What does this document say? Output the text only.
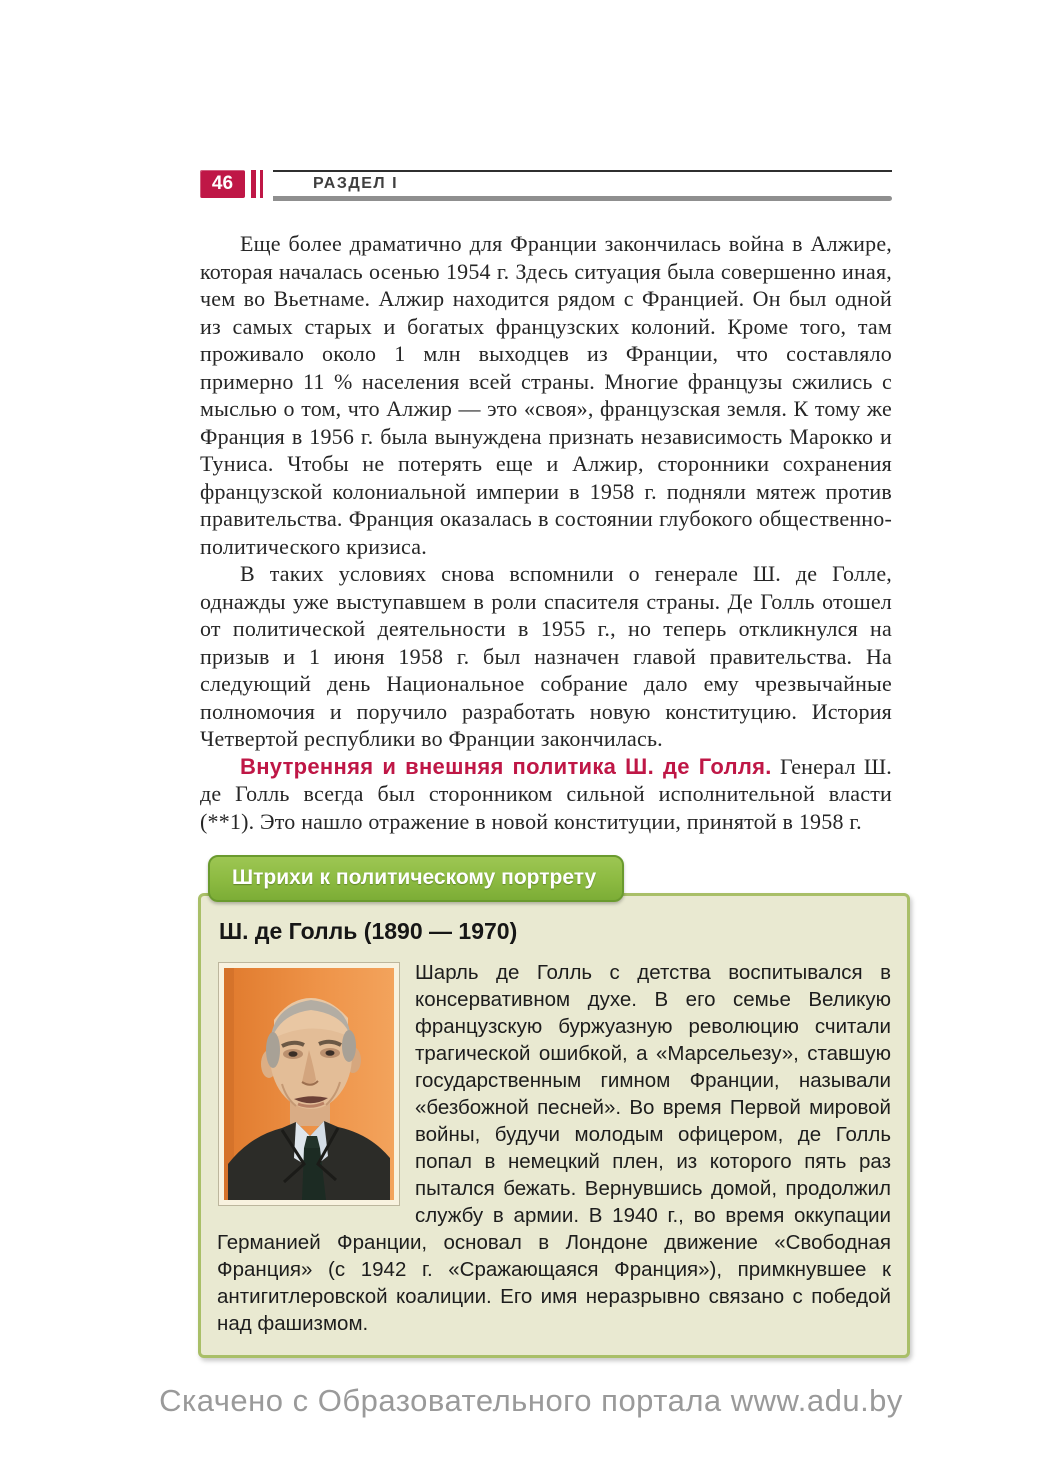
46	РАЗДЕЛ I

Еще более драматично для Франции закончилась война в Алжире, которая началась осенью 1954 г. Здесь ситуация была совершенно иная, чем во Вьетнаме. Алжир находится рядом с Францией. Он был одной из самых старых и богатых французских колоний. Кроме того, там проживало около 1 млн выходцев из Франции, что составляло примерно 11 % населения всей страны. Многие французы сжились с мыслью о том, что Алжир — это «своя», французская земля. К тому же Франция в 1956 г. была вынуждена признать независимость Марокко и Туниса. Чтобы не потерять еще и Алжир, сторонники сохранения французской колониальной империи в 1958 г. подняли мятеж против правительства. Франция оказалась в состоянии глубокого общественно-политического кризиса.

В таких условиях снова вспомнили о генерале Ш. де Голле, однажды уже выступавшем в роли спасителя страны. Де Голль отошел от политической деятельности в 1955 г., но теперь откликнулся на призыв и 1 июня 1958 г. был назначен главой правительства. На следующий день Национальное собрание дало ему чрезвычайные полномочия и поручило разработать новую конституцию. История Четвертой республики во Франции закончилась.

Внутренняя и внешняя политика Ш. де Голля. Генерал Ш. де Голль всегда был сторонником сильной исполнительной власти (**1). Это нашло отражение в новой конституции, принятой в 1958 г.

Штрихи к политическому портрету
Ш. де Голль (1890 — 1970)

Шарль де Голль с детства воспитывался в консервативном духе. В его семье Великую французскую буржуазную революцию считали трагической ошибкой, а «Марсельезу», ставшую государственным гимном Франции, называли «безбожной песней». Во время Первой мировой войны, будучи молодым офицером, де Голль попал в немецкий плен, из которого пять раз пытался бежать. Вернувшись домой, продолжил службу в армии. В 1940 г., во время оккупации Германией Франции, основал в Лондоне движение «Свободная Франция» (с 1942 г. «Сражающаяся Франция»), примкнувшее к антигитлеровской коалиции. Его имя неразрывно связано с победой над фашизмом.

Скачено с Образовательного портала www.adu.by
